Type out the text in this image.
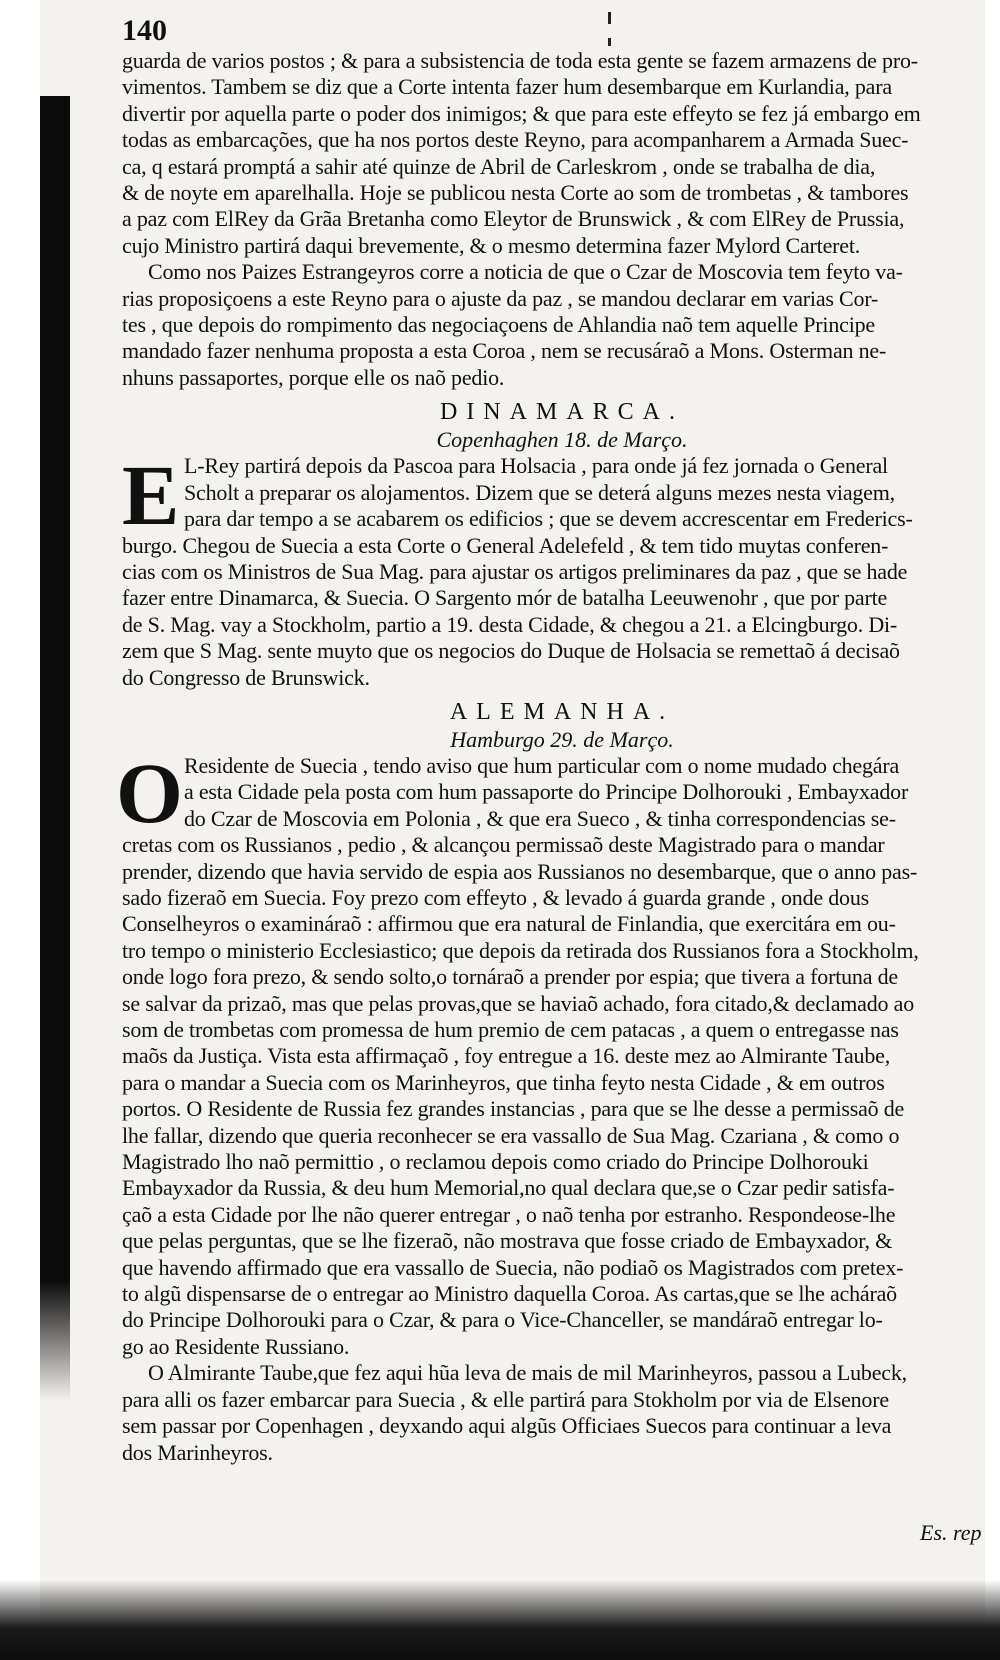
140
guarda de varios postos ; & para a subsistencia de toda esta gente se fazem armazens de pro-
vimentos. Tambem se diz que a Corte intenta fazer hum desembarque em Kurlandia, para
divertir por aquella parte o poder dos inimigos; & que para este effeyto se fez já embargo em
todas as embarcações, que ha nos portos deste Reyno, para acompanharem a Armada Suec-
ca, q estará promptá a sahir até quinze de Abril de Carleskrom , onde se trabalha de dia,
& de noyte em aparelhalla. Hoje se publicou nesta Corte ao som de trombetas , & tambores
a paz com ElRey da Grãa Bretanha como Eleytor de Brunswick , & com ElRey de Prussia,
cujo Ministro partirá daqui brevemente, & o mesmo determina fazer Mylord Carteret.
Como nos Paizes Estrangeyros corre a noticia de que o Czar de Moscovia tem feyto va-
rias proposiçoens a este Reyno para o ajuste da paz , se mandou declarar em varias Cor-
tes , que depois do rompimento das negociaçoens de Ahlandia naõ tem aquelle Principe
mandado fazer nenhuma proposta a esta Coroa , nem se recusáraõ a Mons. Osterman ne-
nhuns passaportes, porque elle os naõ pedio.
DINAMARCA.
Copenhaghen 18. de Março.
E L-Rey partirá depois da Pascoa para Holsacia , para onde já fez jornada o General
Scholt a preparar os alojamentos. Dizem que se deterá alguns mezes nesta viagem,
para dar tempo a se acabarem os edificios ; que se devem accrescentar em Frederics-
burgo. Chegou de Suecia a esta Corte o General Adelefeld , & tem tido muytas conferen-
cias com os Ministros de Sua Mag. para ajustar os artigos preliminares da paz , que se hade
fazer entre Dinamarca, & Suecia. O Sargento mór de batalha Leeuwenohr , que por parte
de S. Mag. vay a Stockholm, partio a 19. desta Cidade, & chegou a 21. a Elcingburgo. Di-
zem que S Mag. sente muyto que os negocios do Duque de Holsacia se remettaõ á decisaõ
do Congresso de Brunswick.
ALEMANHA.
Hamburgo 29. de Março.
O Residente de Suecia , tendo aviso que hum particular com o nome mudado chegára
a esta Cidade pela posta com hum passaporte do Principe Dolhorouki , Embayxador
do Czar de Moscovia em Polonia , & que era Sueco , & tinha correspondencias se-
cretas com os Russianos , pedio , & alcançou permissaõ deste Magistrado para o mandar
prender, dizendo que havia servido de espia aos Russianos no desembarque, que o anno pas-
sado fizeraõ em Suecia. Foy prezo com effeyto , & levado á guarda grande , onde dous
Conselheyros o examináraõ : affirmou que era natural de Finlandia, que exercitára em ou-
tro tempo o ministerio Ecclesiastico; que depois da retirada dos Russianos fora a Stockholm,
onde logo fora prezo, & sendo solto,o tornáraõ a prender por espia; que tivera a fortuna de
se salvar da prizaõ, mas que pelas provas,que se haviaõ achado, fora citado,& declamado ao
som de trombetas com promessa de hum premio de cem patacas , a quem o entregasse nas
maõs da Justiça. Vista esta affirmaçaõ , foy entregue a 16. deste mez ao Almirante Taube,
para o mandar a Suecia com os Marinheyros, que tinha feyto nesta Cidade , & em outros
portos. O Residente de Russia fez grandes instancias , para que se lhe desse a permissaõ de
lhe fallar, dizendo que queria reconhecer se era vassallo de Sua Mag. Czariana , & como o
Magistrado lho naõ permittio , o reclamou depois como criado do Principe Dolhorouki
Embayxador da Russia, & deu hum Memorial,no qual declara que,se o Czar pedir satisfa-
çaõ a esta Cidade por lhe não querer entregar , o naõ tenha por estranho. Respondeose-lhe
que pelas perguntas, que se lhe fizeraõ, não mostrava que fosse criado de Embayxador, &
que havendo affirmado que era vassallo de Suecia, não podiaõ os Magistrados com pretex-
to algũ dispensarse de o entregar ao Ministro daquella Coroa. As cartas,que se lhe acháraõ
do Principe Dolhorouki para o Czar, & para o Vice-Chanceller, se mandáraõ entregar lo-
go ao Residente Russiano.
O Almirante Taube,que fez aqui hũa leva de mais de mil Marinheyros, passou a Lubeck,
para alli os fazer embarcar para Suecia , & elle partirá para Stokholm por via de Elsenore
sem passar por Copenhagen , deyxando aqui algũs Officiaes Suecos para continuar a leva
dos Marinheyros.
Es. rep
